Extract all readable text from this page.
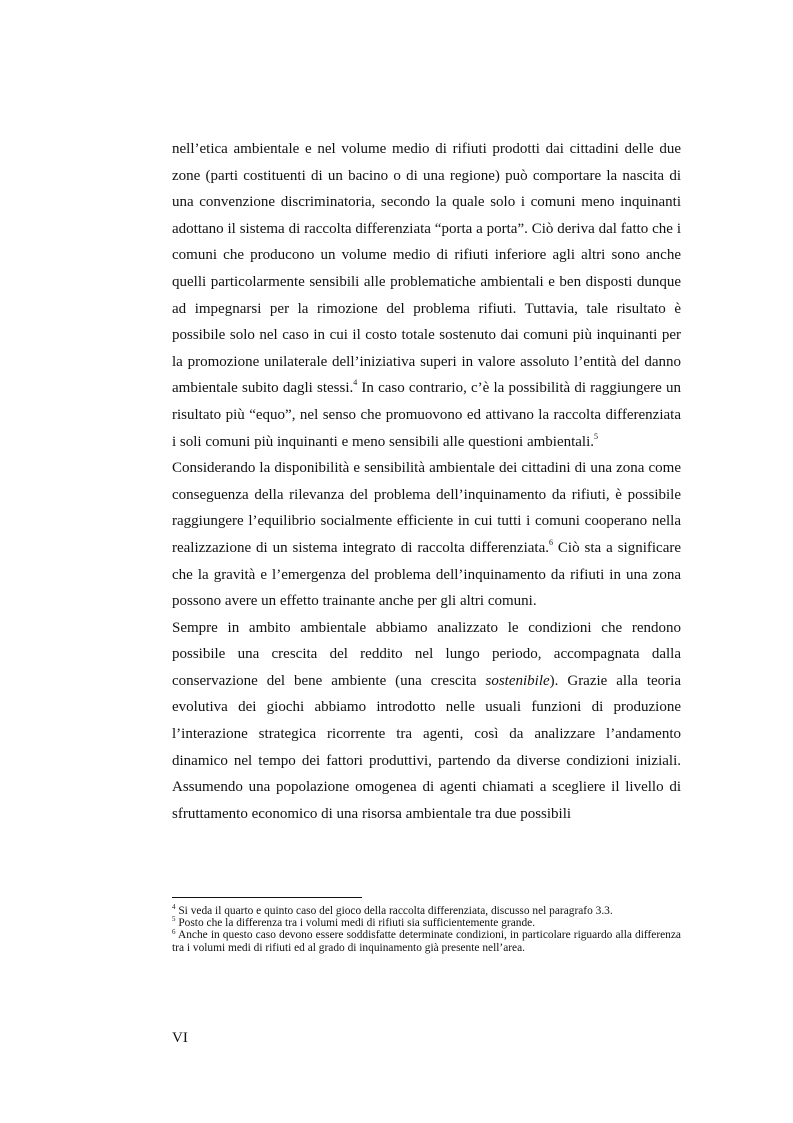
nell’etica ambientale e nel volume medio di rifiuti prodotti dai cittadini delle due zone (parti costituenti di un bacino o di una regione) può comportare la nascita di una convenzione discriminatoria, secondo la quale solo i comuni meno inquinanti adottano il sistema di raccolta differenziata “porta a porta”. Ciò deriva dal fatto che i comuni che producono un volume medio di rifiuti inferiore agli altri sono anche quelli particolarmente sensibili alle problematiche ambientali e ben disposti dunque ad impegnarsi per la rimozione del problema rifiuti. Tuttavia, tale risultato è possibile solo nel caso in cui il costo totale sostenuto dai comuni più inquinanti per la promozione unilaterale dell’iniziativa superi in valore assoluto l’entità del danno ambientale subito dagli stessi.$^4$ In caso contrario, c’è la possibilità di raggiungere un risultato più “equo”, nel senso che promuovono ed attivano la raccolta differenziata i soli comuni più inquinanti e meno sensibili alle questioni ambientali.$^5$

Considerando la disponibilità e sensibilità ambientale dei cittadini di una zona come conseguenza della rilevanza del problema dell’inquinamento da rifiuti, è possibile raggiungere l’equilibrio socialmente efficiente in cui tutti i comuni cooperano nella realizzazione di un sistema integrato di raccolta differenziata.$^6$ Ciò sta a significare che la gravità e l’emergenza del problema dell’inquinamento da rifiuti in una zona possono avere un effetto trainante anche per gli altri comuni.

Sempre in ambito ambientale abbiamo analizzato le condizioni che rendono possibile una crescita del reddito nel lungo periodo, accompagnata dalla conservazione del bene ambiente (una crescita sostenibile). Grazie alla teoria evolutiva dei giochi abbiamo introdotto nelle usuali funzioni di produzione l’interazione strategica ricorrente tra agenti, così da analizzare l’andamento dinamico nel tempo dei fattori produttivi, partendo da diverse condizioni iniziali. Assumendo una popolazione omogenea di agenti chiamati a scegliere il livello di sfruttamento economico di una risorsa ambientale tra due possibili

$^4$ Si veda il quarto e quinto caso del gioco della raccolta differenziata, discusso nel paragrafo 3.3.

$^5$ Posto che la differenza tra i volumi medi di rifiuti sia sufficientemente grande.

$^6$ Anche in questo caso devono essere soddisfatte determinate condizioni, in particolare riguardo alla differenza tra i volumi medi di rifiuti ed al grado di inquinamento già presente nell’area.

VI
